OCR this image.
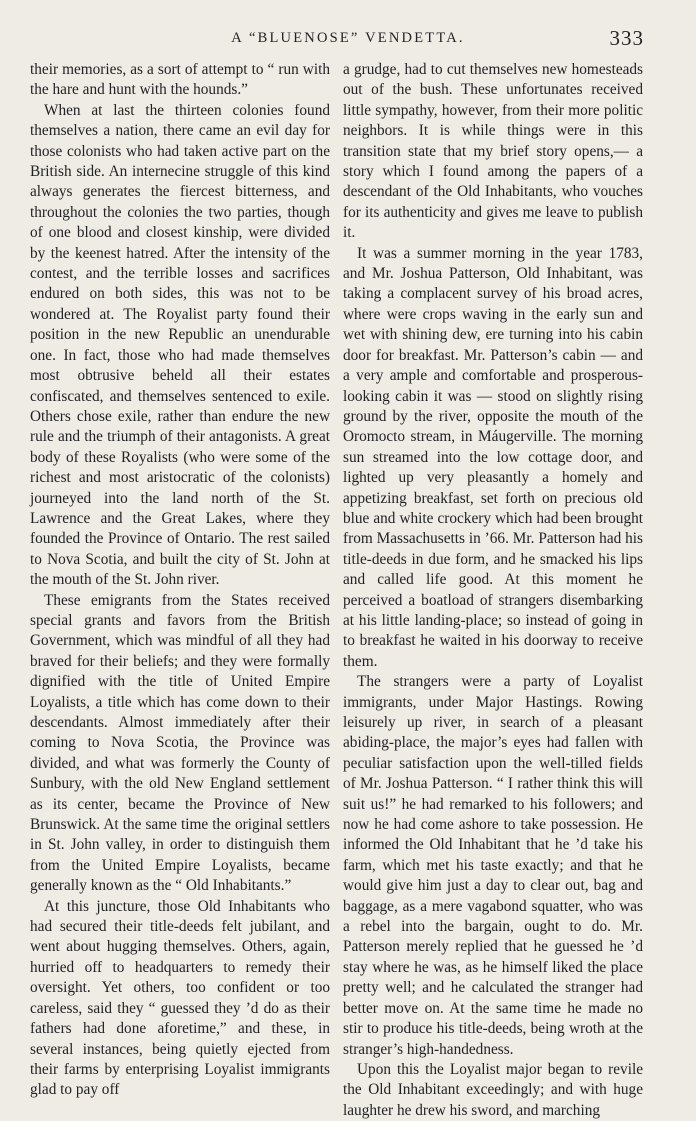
A “BLUENOSE” VENDETTA.	333

their memories, as a sort of attempt to “ run with the hare and hunt with the hounds.”

When at last the thirteen colonies found themselves a nation, there came an evil day for those colonists who had taken active part on the British side. An internecine struggle of this kind always generates the fiercest bitterness, and throughout the colonies the two parties, though of one blood and closest kinship, were divided by the keenest hatred. After the intensity of the contest, and the terrible losses and sacrifices endured on both sides, this was not to be wondered at. The Royalist party found their position in the new Republic an unendurable one. In fact, those who had made themselves most obtrusive beheld all their estates confiscated, and themselves sentenced to exile. Others chose exile, rather than endure the new rule and the triumph of their antagonists. A great body of these Royalists (who were some of the richest and most aristocratic of the colonists) journeyed into the land north of the St. Lawrence and the Great Lakes, where they founded the Province of Ontario. The rest sailed to Nova Scotia, and built the city of St. John at the mouth of the St. John river.

These emigrants from the States received special grants and favors from the British Government, which was mindful of all they had braved for their beliefs; and they were formally dignified with the title of United Empire Loyalists, a title which has come down to their descendants. Almost immediately after their coming to Nova Scotia, the Province was divided, and what was formerly the County of Sunbury, with the old New England settlement as its center, became the Province of New Brunswick. At the same time the original settlers in St. John valley, in order to distinguish them from the United Empire Loyalists, became generally known as the “ Old Inhabitants.”

At this juncture, those Old Inhabitants who had secured their title-deeds felt jubilant, and went about hugging themselves. Others, again, hurried off to headquarters to remedy their oversight. Yet others, too confident or too careless, said they “ guessed they ’d do as their fathers had done aforetime,” and these, in several instances, being quietly ejected from their farms by enterprising Loyalist immigrants glad to pay off

a grudge, had to cut themselves new homesteads out of the bush. These unfortunates received little sympathy, however, from their more politic neighbors. It is while things were in this transition state that my brief story opens,— a story which I found among the papers of a descendant of the Old Inhabitants, who vouches for its authenticity and gives me leave to publish it.

It was a summer morning in the year 1783, and Mr. Joshua Patterson, Old Inhabitant, was taking a complacent survey of his broad acres, where were crops waving in the early sun and wet with shining dew, ere turning into his cabin door for breakfast. Mr. Patterson’s cabin — and a very ample and comfortable and prosperous-looking cabin it was — stood on slightly rising ground by the river, opposite the mouth of the Oromocto stream, in Máugerville. The morning sun streamed into the low cottage door, and lighted up very pleasantly a homely and appetizing breakfast, set forth on precious old blue and white crockery which had been brought from Massachusetts in ’66. Mr. Patterson had his title-deeds in due form, and he smacked his lips and called life good. At this moment he perceived a boatload of strangers disembarking at his little landing-place; so instead of going in to breakfast he waited in his doorway to receive them.

The strangers were a party of Loyalist immigrants, under Major Hastings. Rowing leisurely up river, in search of a pleasant abiding-place, the major’s eyes had fallen with peculiar satisfaction upon the well-tilled fields of Mr. Joshua Patterson. “ I rather think this will suit us!” he had remarked to his followers; and now he had come ashore to take possession. He informed the Old Inhabitant that he ’d take his farm, which met his taste exactly; and that he would give him just a day to clear out, bag and baggage, as a mere vagabond squatter, who was a rebel into the bargain, ought to do. Mr. Patterson merely replied that he guessed he ’d stay where he was, as he himself liked the place pretty well; and he calculated the stranger had better move on. At the same time he made no stir to produce his title-deeds, being wroth at the stranger’s high-handedness.

Upon this the Loyalist major began to revile the Old Inhabitant exceedingly; and with huge laughter he drew his sword, and marching
